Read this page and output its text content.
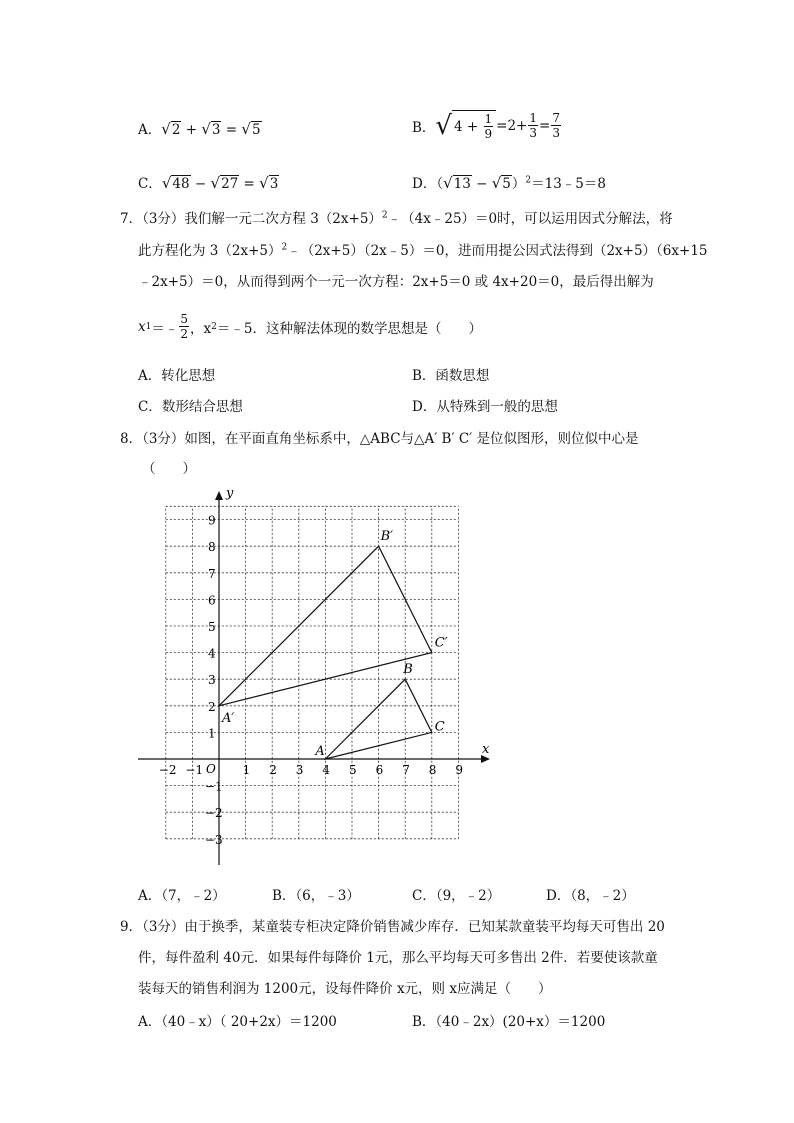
A．√2 + √3 = √5	B． √ $4 + \frac{1}{9} =2+ \frac{1}{3} = \frac{7}{3}$
C．√48 − √27 = √3	D．$(√13 - √5)^2=13﹣5=8$
7．（3分）我们解一元二次方程 $3(2x+5)^2﹣(4x﹣25)=0$时，可以运用因式分解法，将
此方程化为 $3(2x+5)^2﹣(2x+5)(2x﹣5)=0$，进而用提公因式法得到（2x+5）（6x+15
﹣2x+5）＝0，从而得到两个一元一次方程：2x+5＝0 或 4x+20＝0，最后得出解为
x 1 ＝﹣ $\frac{5}{2}$ ，x 2 ＝﹣5．这种解法体现的数学思想是（　　）
A．转化思想	B．函数思想
C．数形结合思想	D．从特殊到一般的思想
8．（3分）如图，在平面直角坐标系中，△ABC与△A′ B′ C′ 是位似图形，则位似中心是
（　　）
x
y
O
−2 −1	1 2 3 4 5 6 7 8 9
9
8
7
6
5
4
3
2
1
−1
−2
−3
A
B
C
A′
B′
C′
A．（7，﹣2）	B．（6，﹣3）	C．（9，﹣2）	D．（8，﹣2）
9．（3分）由于换季，某童装专柜决定降价销售减少库存．已知某款童装平均每天可售出 20
件，每件盈利 40元．如果每件每降价 1元，那么平均每天可多售出 2件．若要使该款童
装每天的销售利润为 1200元，设每件降价 x元，则 x应满足（　　）
A．（40﹣x）（ 20+2x）＝1200	B．（40﹣2x）(20+x）＝1200
